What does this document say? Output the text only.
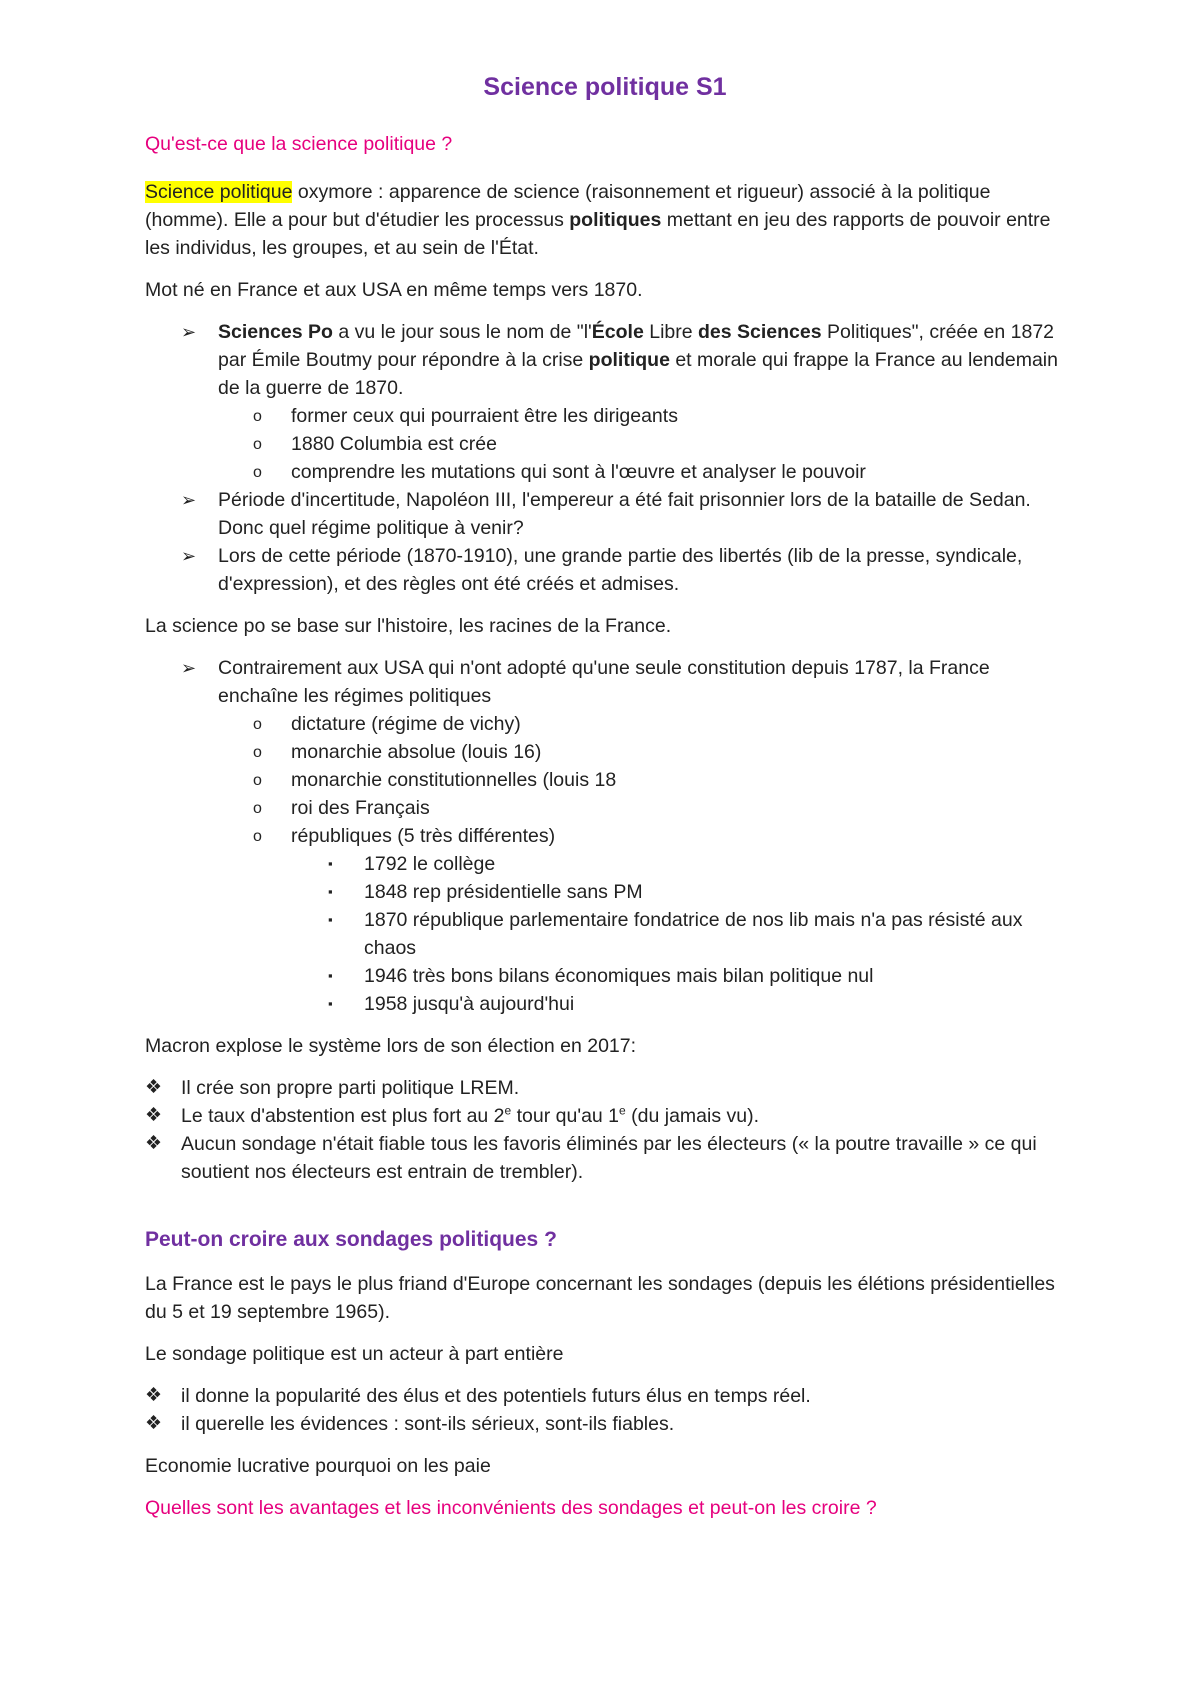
Science politique S1
Qu'est-ce que la science politique ?

Science politique oxymore : apparence de science (raisonnement et rigueur) associé à la politique (homme). Elle a pour but d'étudier les processus politiques mettant en jeu des rapports de pouvoir entre les individus, les groupes, et au sein de l'État.

Mot né en France et aux USA en même temps vers 1870.

➢	Sciences Po a vu le jour sous le nom de "l'École Libre des Sciences Politiques", créée en 1872 par Émile Boutmy pour répondre à la crise politique et morale qui frappe la France au lendemain de la guerre de 1870.
o former ceux qui pourraient être les dirigeants
o 1880 Columbia est crée
o comprendre les mutations qui sont à l'œuvre et analyser le pouvoir
➢	Période d'incertitude, Napoléon III, l'empereur a été fait prisonnier lors de la bataille de Sedan. Donc quel régime politique à venir?
➢	Lors de cette période (1870-1910), une grande partie des libertés (lib de la presse, syndicale, d'expression), et des règles ont été créés et admises.

La science po se base sur l'histoire, les racines de la France.

➢	Contrairement aux USA qui n'ont adopté qu'une seule constitution depuis 1787, la France enchaîne les régimes politiques
o dictature (régime de vichy)
o monarchie absolue (louis 16)
o monarchie constitutionnelles (louis 18
o roi des Français
o républiques (5 très différentes)
▪ 1792 le collège
▪ 1848 rep présidentielle sans PM
▪ 1870 république parlementaire fondatrice de nos lib mais n'a pas résisté aux chaos
▪ 1946 très bons bilans économiques mais bilan politique nul
▪ 1958 jusqu'à aujourd'hui

Macron explose le système lors de son élection en 2017:

❖ Il crée son propre parti politique LREM.
❖ Le taux d'abstention est plus fort au 2e tour qu'au 1e (du jamais vu).
❖ Aucun sondage n'était fiable tous les favoris éliminés par les électeurs (« la poutre travaille » ce qui soutient nos électeurs est entrain de trembler).
Peut-on croire aux sondages politiques ?

La France est le pays le plus friand d'Europe concernant les sondages (depuis les élétions présidentielles du 5 et 19 septembre 1965).

Le sondage politique est un acteur à part entière

❖ il donne la popularité des élus et des potentiels futurs élus en temps réel.
❖ il querelle les évidences : sont-ils sérieux, sont-ils fiables.

Economie lucrative pourquoi on les paie

Quelles sont les avantages et les inconvénients des sondages et peut-on les croire ?
